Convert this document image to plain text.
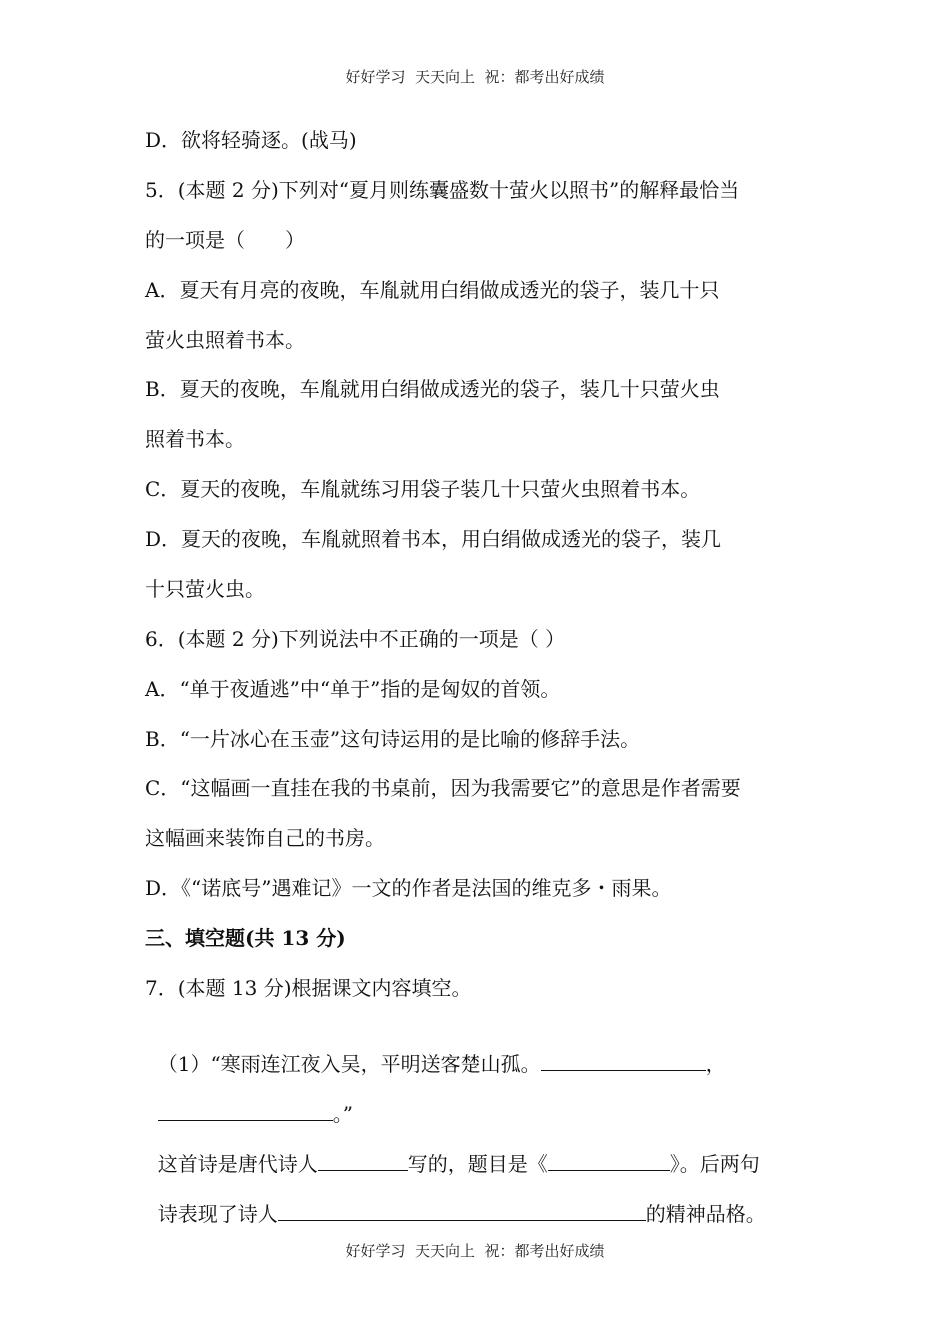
好好学习  天天向上  祝：都考出好成绩
D．欲将轻骑逐。(战马)
5．(本题 2 分)下列对“夏月则练囊盛数十萤火以照书”的解释最恰当
的一项是（　　）
A．夏天有月亮的夜晚，车胤就用白绢做成透光的袋子，装几十只
萤火虫照着书本。
B．夏天的夜晚，车胤就用白绢做成透光的袋子，装几十只萤火虫
照着书本。
C．夏天的夜晚，车胤就练习用袋子装几十只萤火虫照着书本。
D．夏天的夜晚，车胤就照着书本，用白绢做成透光的袋子，装几
十只萤火虫。
6．(本题 2 分)下列说法中不正确的一项是（ ）
A．“单于夜遁逃”中“单于”指的是匈奴的首领。
B．“一片冰心在玉壶”这句诗运用的是比喻的修辞手法。
C．“这幅画一直挂在我的书桌前，因为我需要它”的意思是作者需要
这幅画来装饰自己的书房。
D．《“诺底号”遇难记》一文的作者是法国的维克多・雨果。
三、填空题(共 13 分)
7．(本题 13 分)根据课文内容填空。

（1）“寒雨连江夜入吴，平明送客楚山孤。	，

。”

这首诗是唐代诗人	写的，题目是《	》。后两句

诗表现了诗人	的精神品格。

好好学习  天天向上  祝：都考出好成绩
